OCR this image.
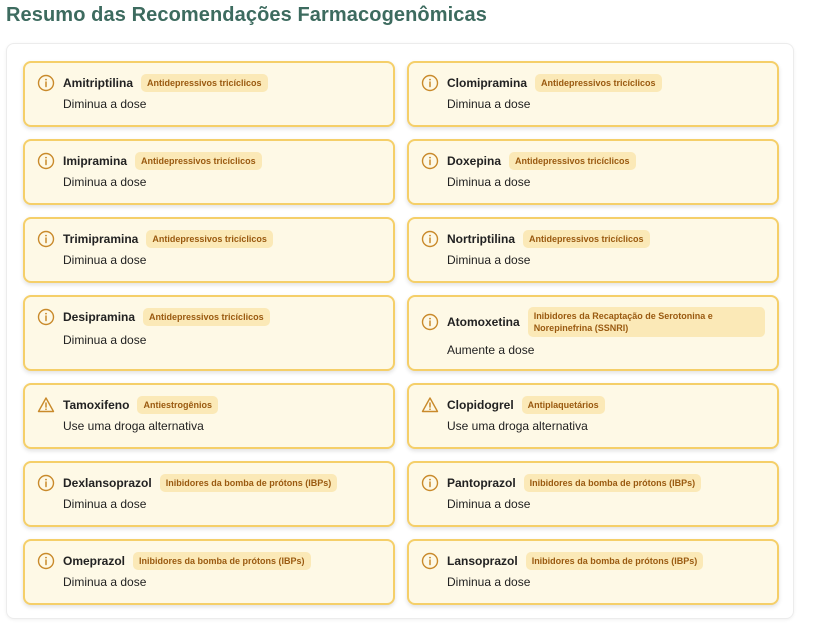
Resumo das Recomendações Farmacogenômicas
Amitriptilina	Antidepressivos tricíclicos
Diminua a dose
Clomipramina	Antidepressivos tricíclicos
Diminua a dose
Imipramina	Antidepressivos tricíclicos
Diminua a dose
Doxepina	Antidepressivos tricíclicos
Diminua a dose
Trimipramina	Antidepressivos tricíclicos
Diminua a dose
Nortriptilina	Antidepressivos tricíclicos
Diminua a dose
Desipramina	Antidepressivos tricíclicos
Diminua a dose
Atomoxetina	Inibidores da Recaptação de Serotonina e Norepinefrina (SSNRI)
Aumente a dose
Tamoxifeno	Antiestrogênios
Use uma droga alternativa
Clopidogrel	Antiplaquetários
Use uma droga alternativa
Dexlansoprazol	Inibidores da bomba de prótons (IBPs)
Diminua a dose
Pantoprazol	Inibidores da bomba de prótons (IBPs)
Diminua a dose
Omeprazol	Inibidores da bomba de prótons (IBPs)
Diminua a dose
Lansoprazol	Inibidores da bomba de prótons (IBPs)
Diminua a dose
